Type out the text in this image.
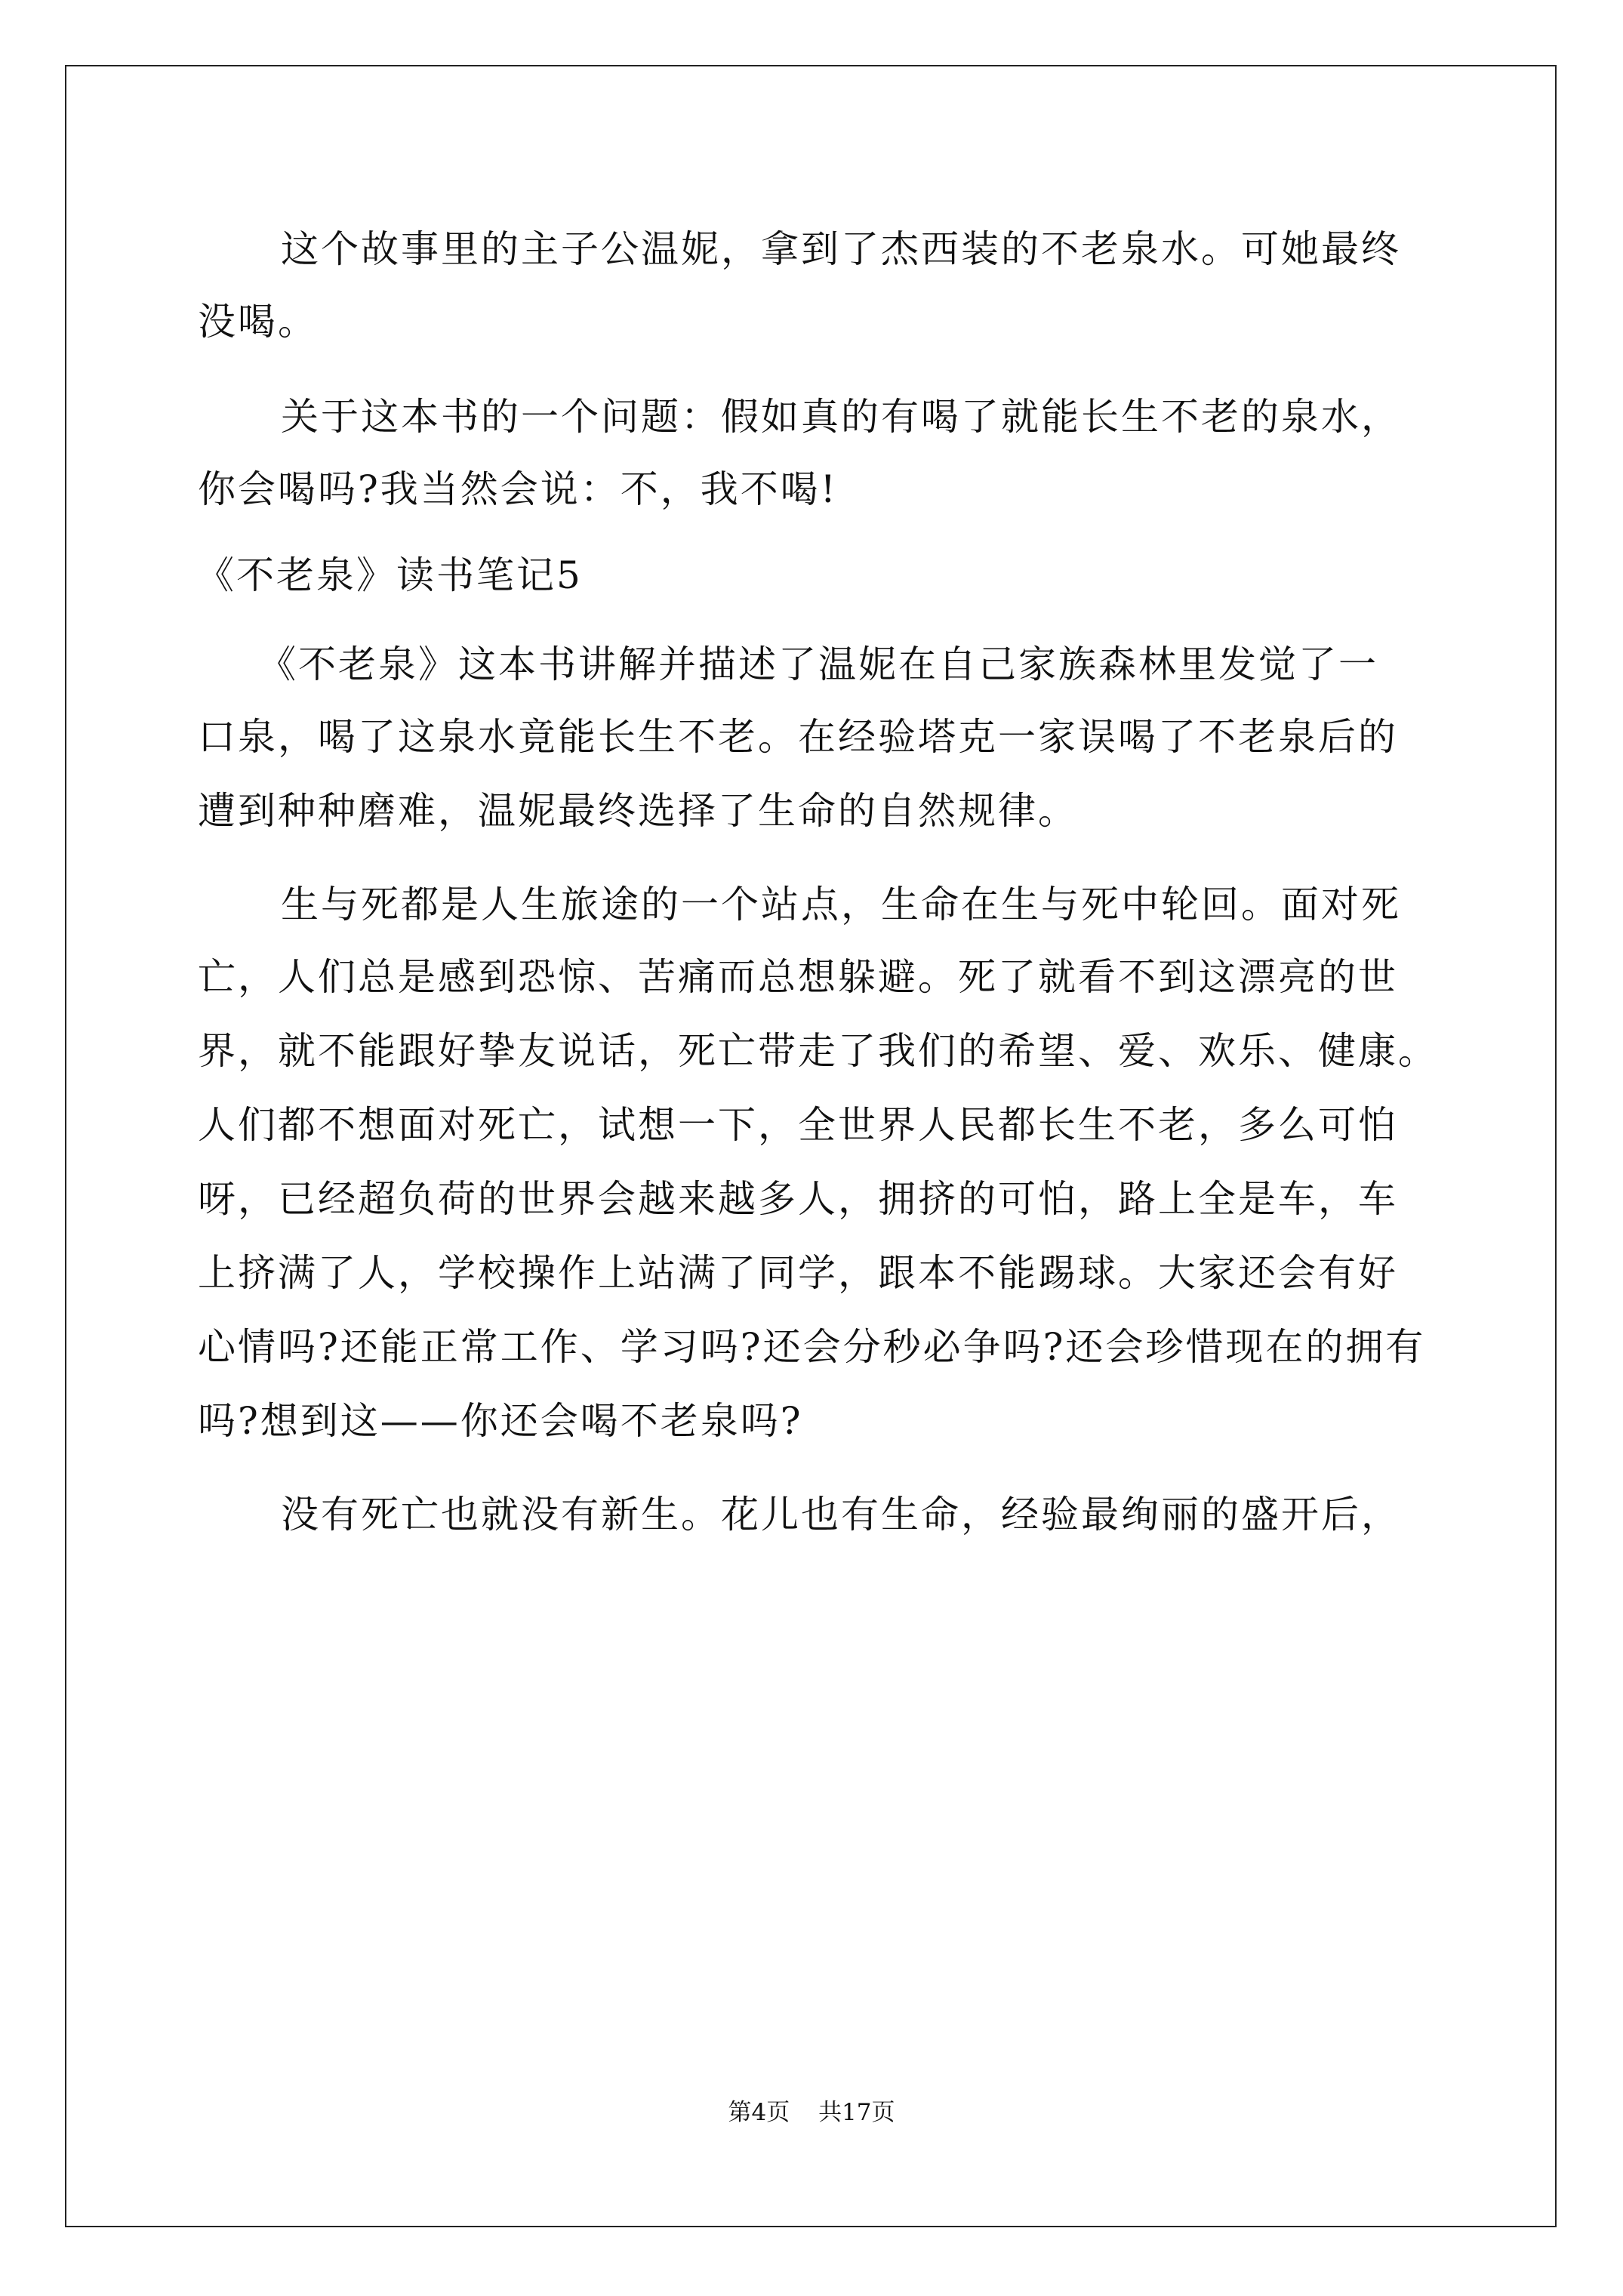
这个故事里的主子公温妮，拿到了杰西装的不老泉水。可她最终
没喝。
关于这本书的一个问题：假如真的有喝了就能长生不老的泉水，
你会喝吗?我当然会说：不，我不喝!
《不老泉》读书笔记5
《不老泉》这本书讲解并描述了温妮在自己家族森林里发觉了一
口泉，喝了这泉水竟能长生不老。在经验塔克一家误喝了不老泉后的
遭到种种磨难，温妮最终选择了生命的自然规律。
生与死都是人生旅途的一个站点，生命在生与死中轮回。面对死
亡，人们总是感到恐惊、苦痛而总想躲避。死了就看不到这漂亮的世
界，就不能跟好挚友说话，死亡带走了我们的希望、爱、欢乐、健康。
人们都不想面对死亡，试想一下，全世界人民都长生不老，多么可怕
呀，已经超负荷的世界会越来越多人，拥挤的可怕，路上全是车，车
上挤满了人，学校操作上站满了同学，跟本不能踢球。大家还会有好
心情吗?还能正常工作、学习吗?还会分秒必争吗?还会珍惜现在的拥有
吗?想到这——你还会喝不老泉吗?
没有死亡也就没有新生。花儿也有生命，经验最绚丽的盛开后，
第4页 共17页
